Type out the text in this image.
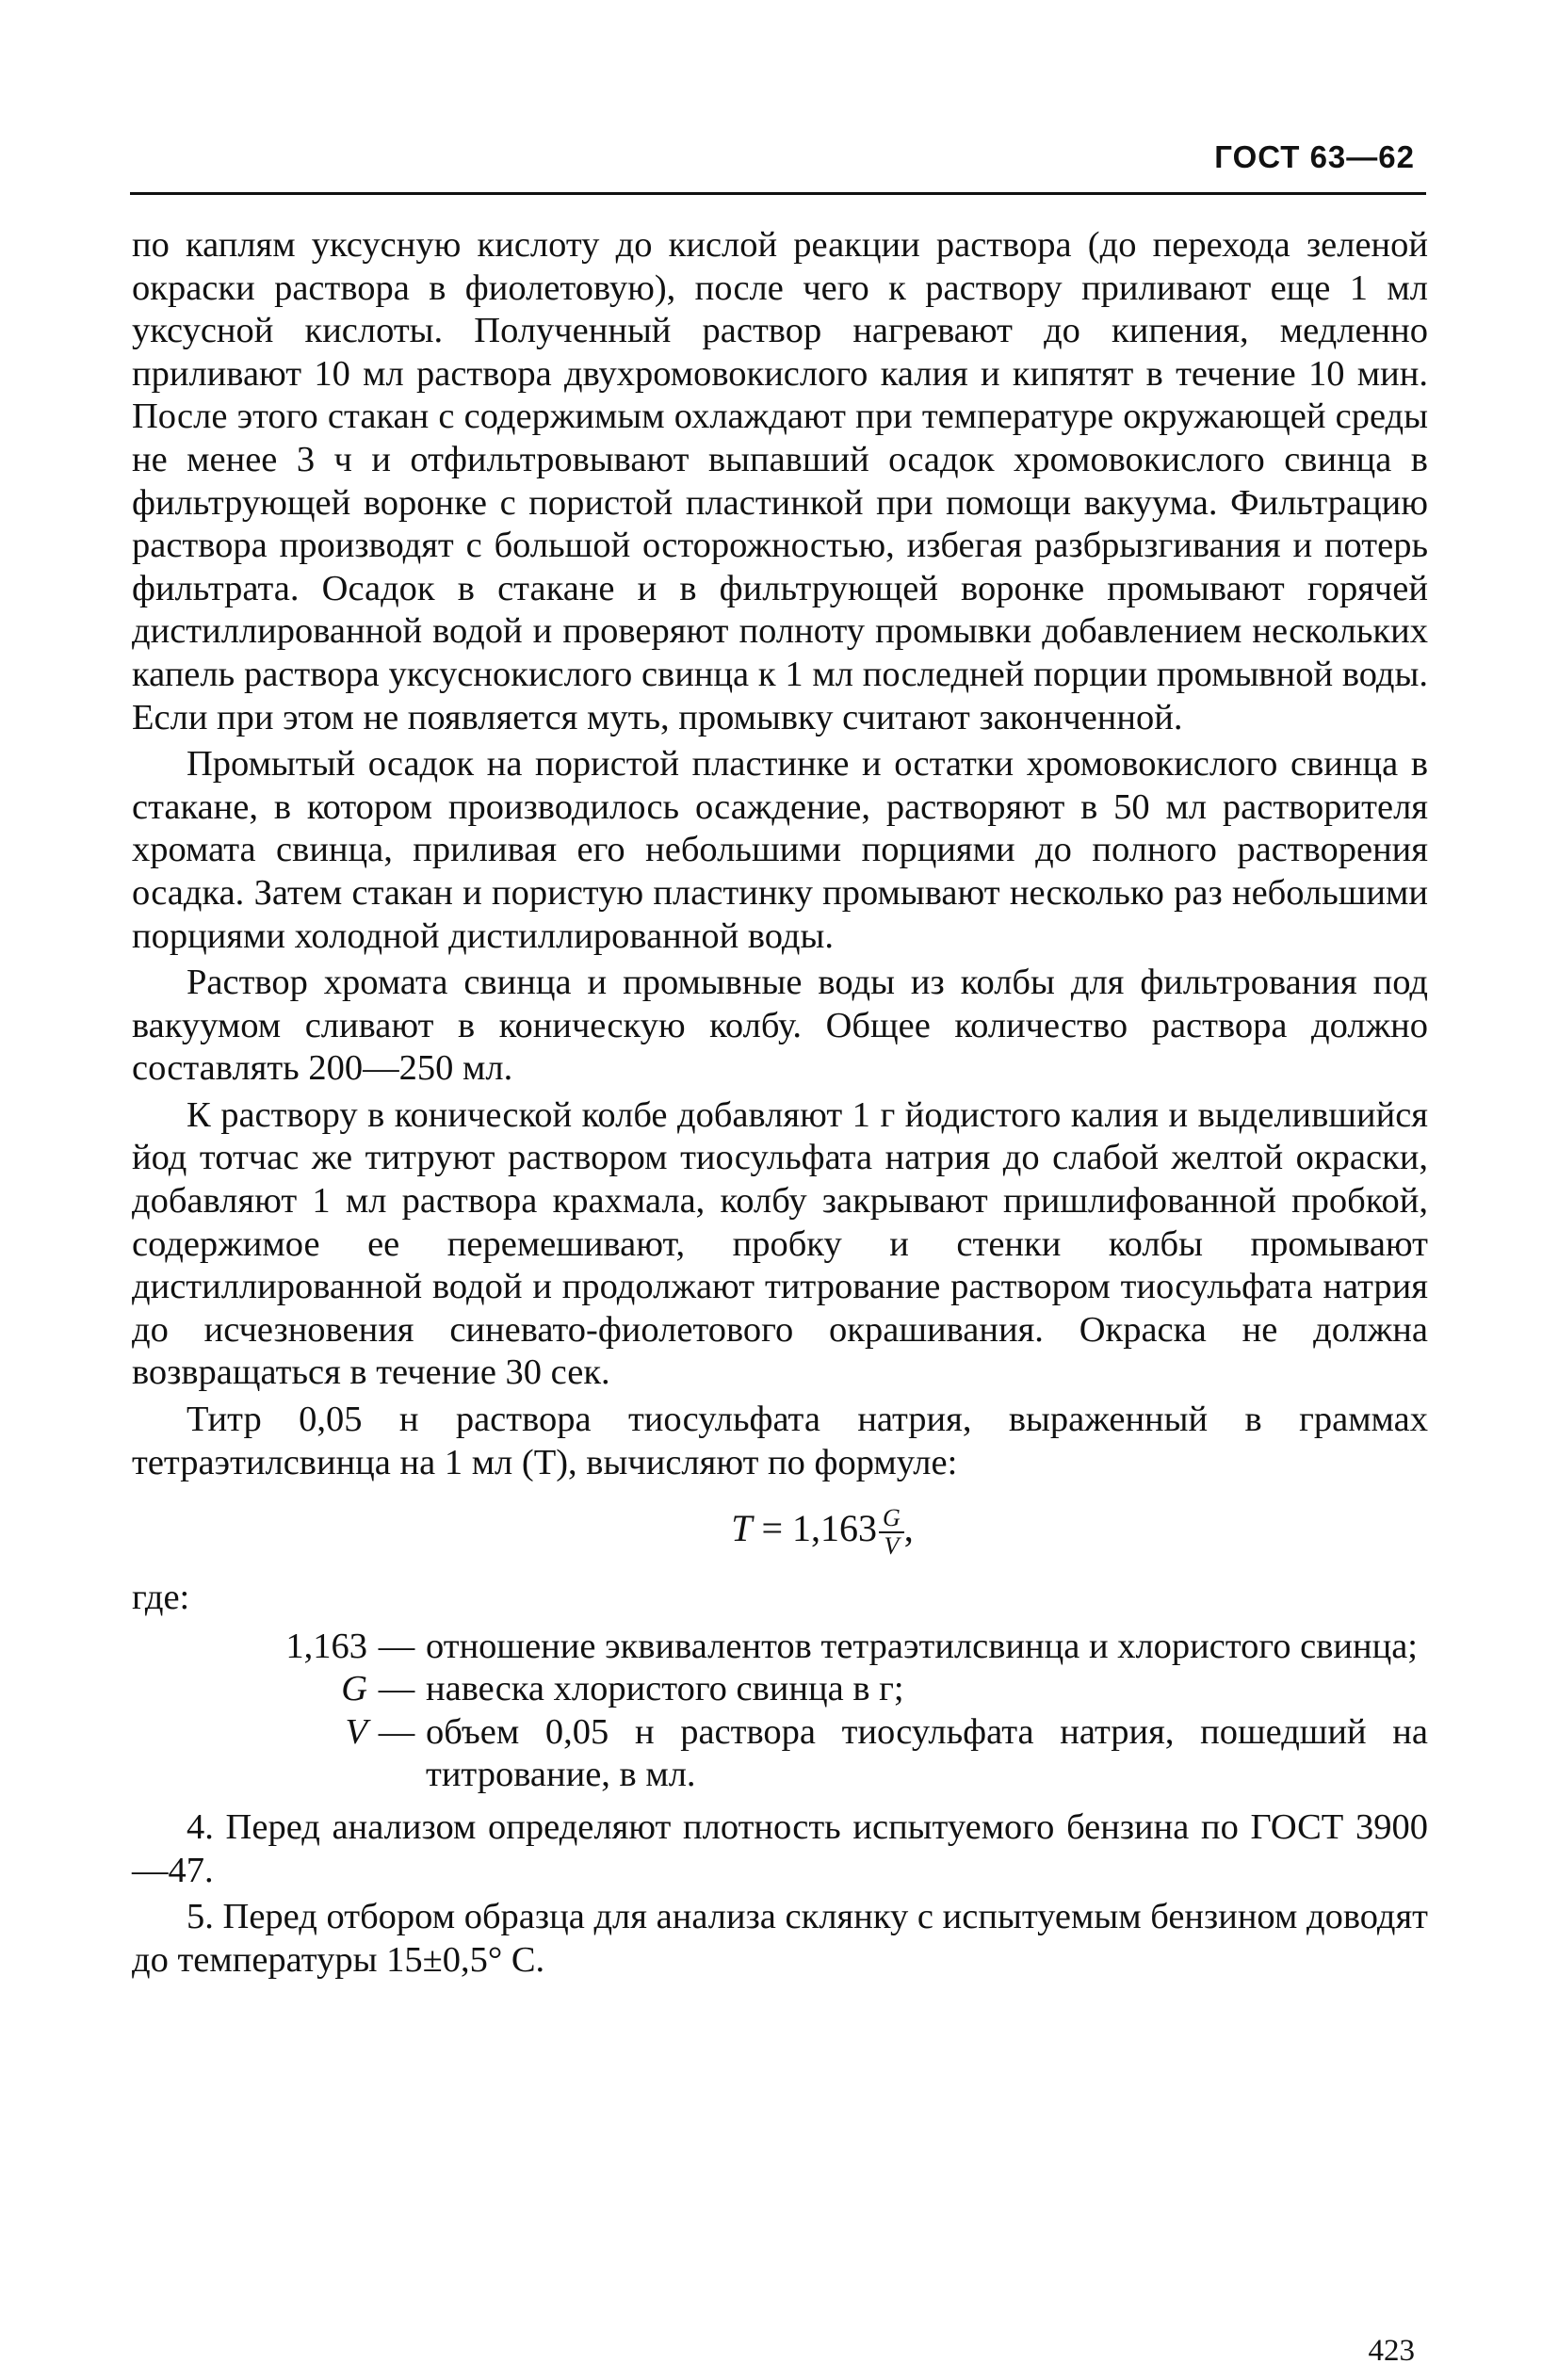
ГОСТ 63—62

по каплям уксусную кислоту до кислой реакции раствора (до перехода зеленой окраски раствора в фиолетовую), после чего к раствору приливают еще 1 мл уксусной кислоты. Полученный раствор нагревают до кипения, медленно приливают 10 мл раствора двухромовокислого калия и кипятят в течение 10 мин. После этого стакан с содержимым охлаждают при температуре окружающей среды не менее 3 ч и отфильтровывают выпавший осадок хромовокислого свинца в фильтрующей воронке с пористой пластинкой при помощи вакуума. Фильтрацию раствора производят с большой осторожностью, избегая разбрызгивания и потерь фильтрата. Осадок в стакане и в фильтрующей воронке промывают горячей дистиллированной водой и проверяют полноту промывки добавлением нескольких капель раствора уксуснокислого свинца к 1 мл последней порции промывной воды. Если при этом не появляется муть, промывку считают законченной.

Промытый осадок на пористой пластинке и остатки хромовокислого свинца в стакане, в котором производилось осаждение, растворяют в 50 мл растворителя хромата свинца, приливая его небольшими порциями до полного растворения осадка. Затем стакан и пористую пластинку промывают несколько раз небольшими порциями холодной дистиллированной воды.

Раствор хромата свинца и промывные воды из колбы для фильтрования под вакуумом сливают в коническую колбу. Общее количество раствора должно составлять 200—250 мл.

К раствору в конической колбе добавляют 1 г йодистого калия и выделившийся йод тотчас же титруют раствором тиосульфата натрия до слабой желтой окраски, добавляют 1 мл раствора крахмала, колбу закрывают пришлифованной пробкой, содержимое ее перемешивают, пробку и стенки колбы промывают дистиллированной водой и продолжают титрование раствором тиосульфата натрия до исчезновения синевато-фиолетового окрашивания. Окраска не должна возвращаться в течение 30 сек.

Титр 0,05 н раствора тиосульфата натрия, выраженный в граммах тетраэтилсвинца на 1 мл (T), вычисляют по формуле:

$T = 1,163 \frac{G}{V}$ ,

где:

1,163 — отношение эквивалентов тетраэтилсвинца и хлористого свинца;
G — навеска хлористого свинца в г;
V — объем 0,05 н раствора тиосульфата натрия, пошедший на титрование, в мл.

4. Перед анализом определяют плотность испытуемого бензина по ГОСТ 3900—47.

5. Перед отбором образца для анализа склянку с испытуемым бензином доводят до температуры 15±0,5° С.

423
